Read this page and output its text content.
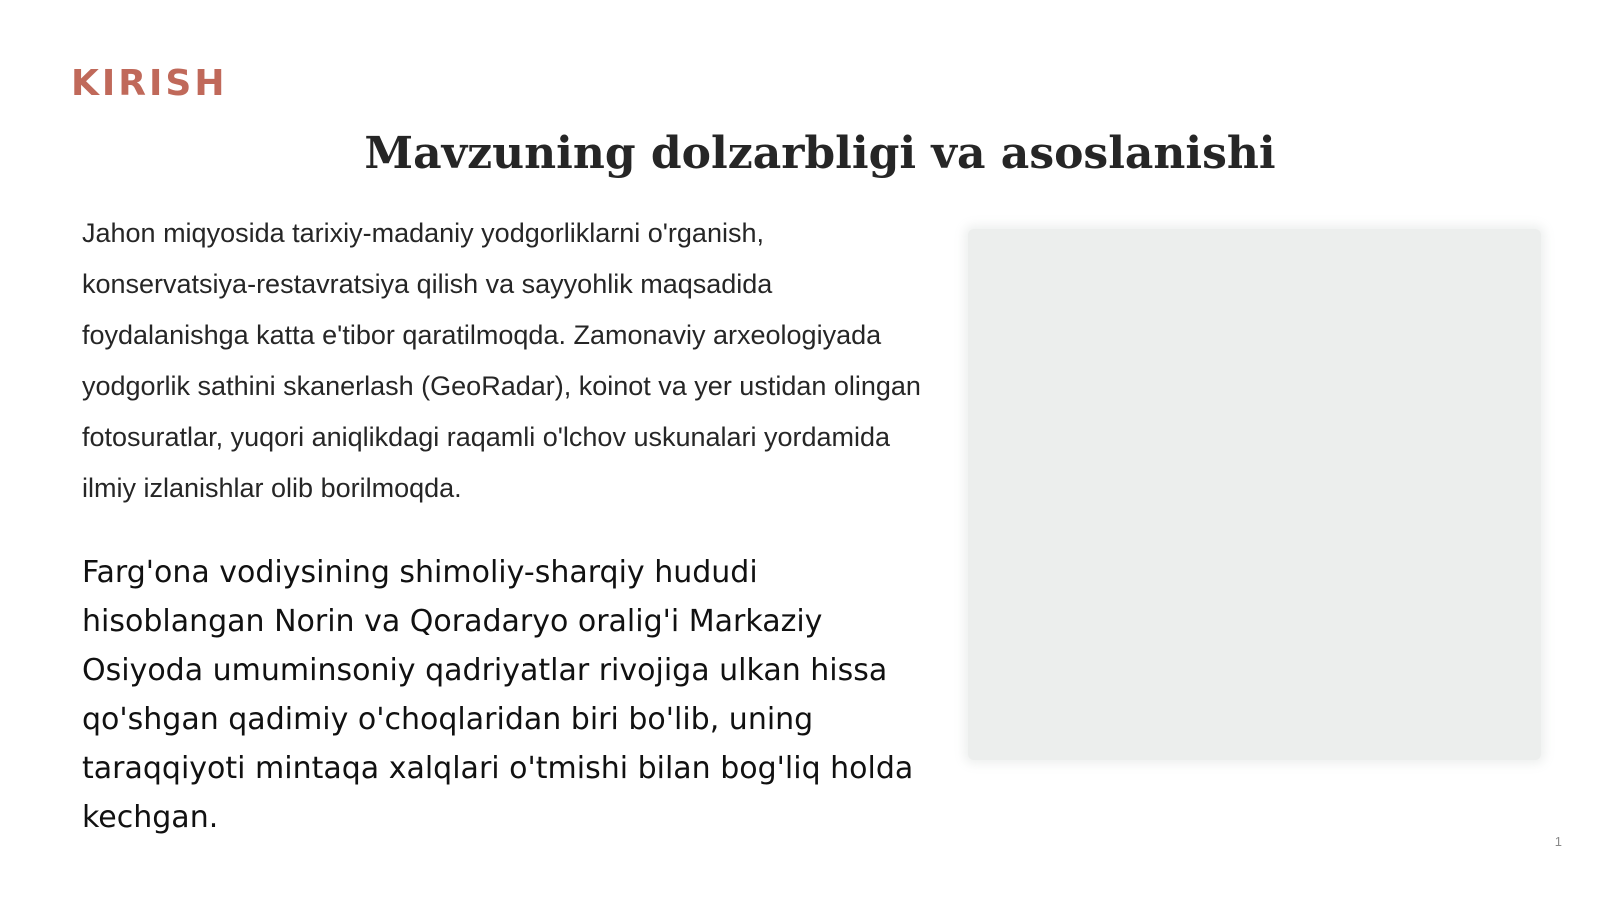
KIRISH
Mavzuning dolzarbligi va asoslanishi

Jahon miqyosida tarixiy-madaniy yodgorliklarni o'rganish, konservatsiya-restavratsiya qilish va sayyohlik maqsadida foydalanishga katta e'tibor qaratilmoqda. Zamonaviy arxeologiyada yodgorlik sathini skanerlash (GeoRadar), koinot va yer ustidan olingan fotosuratlar, yuqori aniqlikdagi raqamli o'lchov uskunalari yordamida ilmiy izlanishlar olib borilmoqda.

Farg'ona vodiysining shimoliy-sharqiy hududi hisoblangan Norin va Qoradaryo oralig'i Markaziy Osiyoda umuminsoniy qadriyatlar rivojiga ulkan hissa qo'shgan qadimiy o'choqlaridan biri bo'lib, uning taraqqiyoti mintaqa xalqlari o'tmishi bilan bog'liq holda kechgan.

1
